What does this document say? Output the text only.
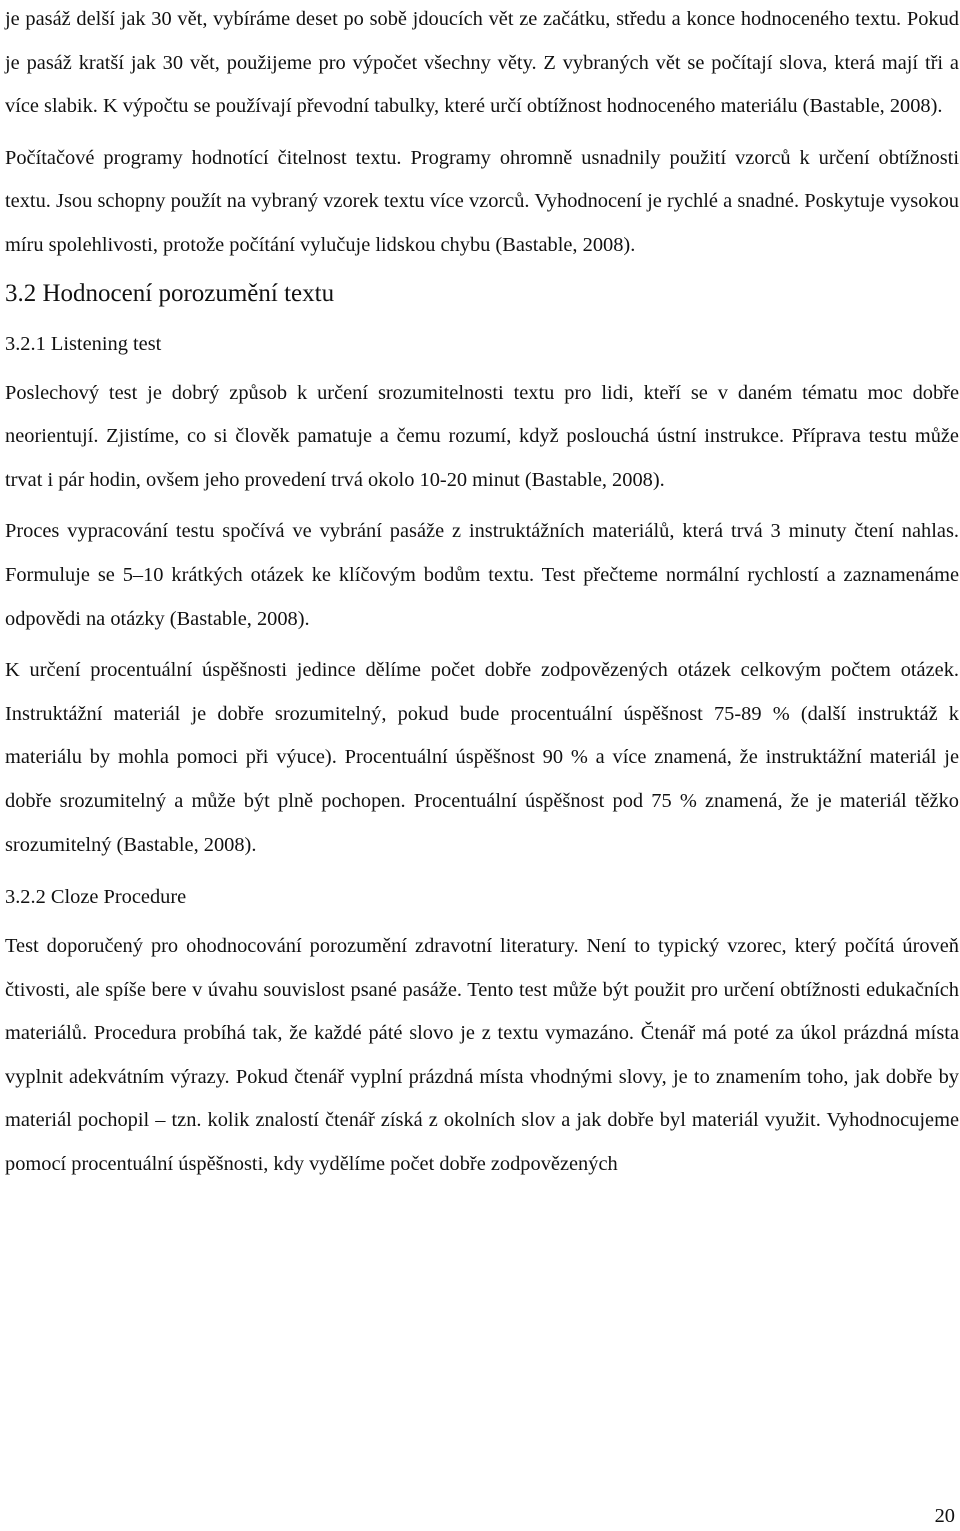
je pasáž delší jak 30 vět, vybíráme deset po sobě jdoucích vět ze začátku, středu a konce hodnoceného textu. Pokud je pasáž kratší jak 30 vět, použijeme pro výpočet všechny věty. Z vybraných vět se počítají slova, která mají tři a více slabik. K výpočtu se používají převodní tabulky, které určí obtížnost hodnoceného materiálu (Bastable, 2008).

Počítačové programy hodnotící čitelnost textu. Programy ohromně usnadnily použití vzorců k určení obtížnosti textu. Jsou schopny použít na vybraný vzorek textu více vzorců. Vyhodnocení je rychlé a snadné. Poskytuje vysokou míru spolehlivosti, protože počítání vylučuje lidskou chybu (Bastable, 2008).

3.2 Hodnocení porozumění textu
3.2.1 Listening test

Poslechový test je dobrý způsob k určení srozumitelnosti textu pro lidi, kteří se v daném tématu moc dobře neorientují. Zjistíme, co si člověk pamatuje a čemu rozumí, když poslouchá ústní instrukce. Příprava testu může trvat i pár hodin, ovšem jeho provedení trvá okolo 10-20 minut (Bastable, 2008).

Proces vypracování testu spočívá ve vybrání pasáže z instruktážních materiálů, která trvá 3 minuty čtení nahlas. Formuluje se 5–10 krátkých otázek ke klíčovým bodům textu. Test přečteme normální rychlostí a zaznamenáme odpovědi na otázky (Bastable, 2008).

K určení procentuální úspěšnosti jedince dělíme počet dobře zodpovězených otázek celkovým počtem otázek. Instruktážní materiál je dobře srozumitelný, pokud bude procentuální úspěšnost 75-89 % (další instruktáž k materiálu by mohla pomoci při výuce). Procentuální úspěšnost 90 % a více znamená, že instruktážní materiál je dobře srozumitelný a může být plně pochopen. Procentuální úspěšnost pod 75 % znamená, že je materiál těžko srozumitelný (Bastable, 2008).

3.2.2 Cloze Procedure

Test doporučený pro ohodnocování porozumění zdravotní literatury. Není to typický vzorec, který počítá úroveň čtivosti, ale spíše bere v úvahu souvislost psané pasáže. Tento test může být použit pro určení obtížnosti edukačních materiálů. Procedura probíhá tak, že každé páté slovo je z textu vymazáno. Čtenář má poté za úkol prázdná místa vyplnit adekvátním výrazy. Pokud čtenář vyplní prázdná místa vhodnými slovy, je to znamením toho, jak dobře by materiál pochopil – tzn. kolik znalostí čtenář získá z okolních slov a jak dobře byl materiál využit. Vyhodnocujeme pomocí procentuální úspěšnosti, kdy vydělíme počet dobře zodpovězených

20
